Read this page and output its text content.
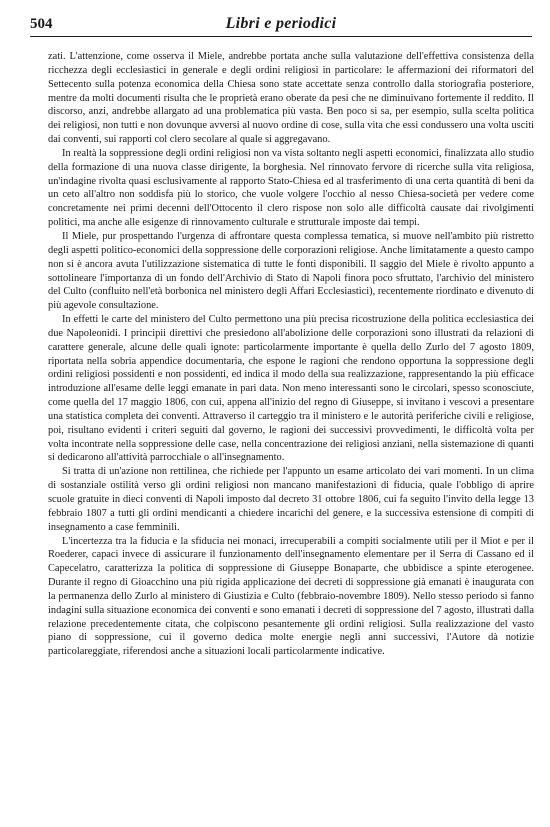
504	Libri e periodici

zati. L'attenzione, come osserva il Miele, andrebbe portata anche sulla valutazione dell'effettiva consistenza della ricchezza degli ecclesiastici in generale e degli ordini religiosi in particolare: le affermazioni dei riformatori del Settecento sulla potenza economica della Chiesa sono state accettate senza controllo dalla storiografia posteriore, mentre da molti documenti risulta che le proprietà erano oberate da pesi che ne diminuivano fortemente il reddito. Il discorso, anzi, andrebbe allargato ad una problematica più vasta. Ben poco si sa, per esempio, sulla scelta politica dei religiosi, non tutti e non dovunque avversi al nuovo ordine di cose, sulla vita che essi condussero una volta usciti dai conventi, sui rapporti col clero secolare al quale si aggregavano.

In realtà la soppressione degli ordini religiosi non va vista soltanto negli aspetti economici, finalizzata allo studio della formazione di una nuova classe dirigente, la borghesia. Nel rinnovato fervore di ricerche sulla vita religiosa, un'indagine rivolta quasi esclusivamente al rapporto Stato-Chiesa ed al trasferimento di una certa quantità di beni da un ceto all'altro non soddisfa più lo storico, che vuole volgere l'occhio al nesso Chiesa-società per vedere come concretamente nei primi decenni dell'Ottocento il clero rispose non solo alle difficoltà causate dai rivolgimenti politici, ma anche alle esigenze di rinnovamento culturale e strutturale imposte dai tempi.

Il Miele, pur prospettando l'urgenza di affrontare questa complessa tematica, si muove nell'ambito più ristretto degli aspetti politico-economici della soppressione delle corporazioni religiose. Anche limitatamente a questo campo non si è ancora avuta l'utilizzazione sistematica di tutte le fonti disponibili. Il saggio del Miele è rivolto appunto a sottolineare l'importanza di un fondo dell'Archivio di Stato di Napoli finora poco sfruttato, l'archivio del ministero del Culto (confluito nell'età borbonica nel ministero degli Affari Ecclesiastici), recentemente riordinato e divenuto di più agevole consultazione.

In effetti le carte del ministero del Culto permettono una più precisa ricostruzione della politica ecclesiastica dei due Napoleonidi. I principii direttivi che presiedono all'abolizione delle corporazioni sono illustrati da relazioni di carattere generale, alcune delle quali ignote: particolarmente importante è quella dello Zurlo del 7 agosto 1809, riportata nella sobria appendice documentaria, che espone le ragioni che rendono opportuna la soppressione degli ordini religiosi possidenti e non possidenti, ed indica il modo della sua realizzazione, rappresentando la più efficace introduzione all'esame delle leggi emanate in pari data. Non meno interessanti sono le circolari, spesso sconosciute, come quella del 17 maggio 1806, con cui, appena all'inizio del regno di Giuseppe, si invitano i vescovi a presentare una statistica completa dei conventi. Attraverso il carteggio tra il ministero e le autorità periferiche civili e religiose, poi, risultano evidenti i criteri seguiti dal governo, le ragioni dei successivi provvedimenti, le difficoltà volta per volta incontrate nella soppressione delle case, nella concentrazione dei religiosi anziani, nella sistemazione di quanti si dedicarono all'attività parrocchiale o all'insegnamento.

Si tratta di un'azione non rettilinea, che richiede per l'appunto un esame articolato dei vari momenti. In un clima di sostanziale ostilità verso gli ordini religiosi non mancano manifestazioni di fiducia, quale l'obbligo di aprire scuole gratuite in dieci conventi di Napoli imposto dal decreto 31 ottobre 1806, cui fa seguito l'invito della legge 13 febbraio 1807 a tutti gli ordini mendicanti a chiedere incarichi del genere, e la successiva estensione di compiti di insegnamento a case femminili.

L'incertezza tra la fiducia e la sfiducia nei monaci, irrecuperabili a compiti socialmente utili per il Miot e per il Roederer, capaci invece di assicurare il funzionamento dell'insegnamento elementare per il Serra di Cassano ed il Capecelatro, caratterizza la politica di soppressione di Giuseppe Bonaparte, che ubbidisce a spinte eterogenee. Durante il regno di Gioacchino una più rigida applicazione dei decreti di soppressione già emanati è inaugurata con la permanenza dello Zurlo al ministero di Giustizia e Culto (febbraio-novembre 1809). Nello stesso periodo si fanno indagini sulla situazione economica dei conventi e sono emanati i decreti di soppressione del 7 agosto, illustrati dalla relazione precedentemente citata, che colpiscono pesantemente gli ordini religiosi. Sulla realizzazione del vasto piano di soppressione, cui il governo dedica molte energie negli anni successivi, l'Autore dà notizie particolareggiate, riferendosi anche a situazioni locali particolarmente indicative.
